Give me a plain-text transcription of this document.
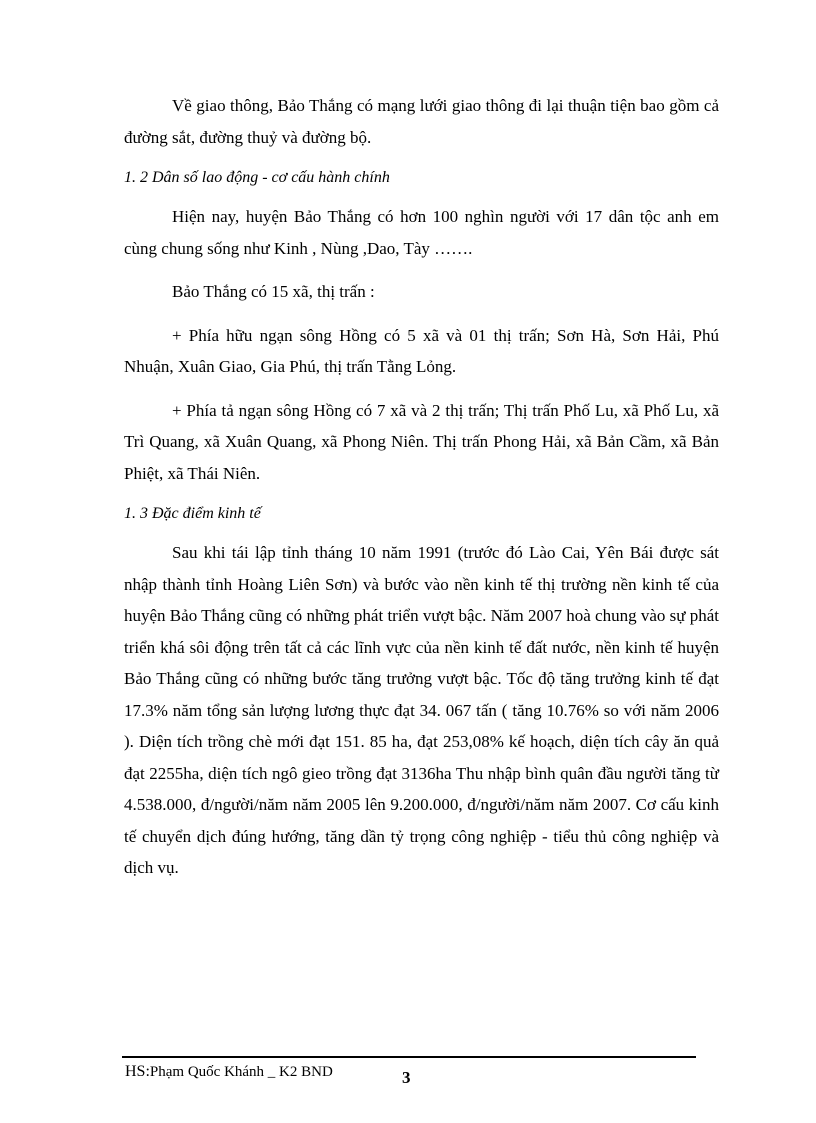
Về giao thông, Bảo Thắng có mạng lưới giao thông đi lại thuận tiện bao gồm cả đường sắt, đường thuỷ và đường bộ.

1. 2 Dân số lao động - cơ cấu hành chính

Hiện nay, huyện Bảo Thắng có hơn 100 nghìn người với 17 dân tộc anh em cùng chung sống như Kinh , Nùng ,Dao, Tày …….

Bảo Thắng có 15 xã, thị trấn :

+ Phía hữu ngạn sông Hồng có 5 xã và 01 thị trấn; Sơn Hà, Sơn Hải, Phú Nhuận, Xuân Giao, Gia Phú, thị trấn Tằng Lỏng.

+ Phía tả ngạn sông Hồng có 7 xã và 2 thị trấn; Thị trấn Phố Lu, xã Phố Lu, xã Trì Quang, xã Xuân Quang, xã Phong Niên. Thị trấn Phong Hải, xã Bản Cầm, xã Bản Phiệt, xã Thái Niên.

1. 3 Đặc điểm kinh tế

Sau khi tái lập tỉnh tháng 10 năm 1991 (trước đó Lào Cai, Yên Bái được sát nhập thành tỉnh Hoàng Liên Sơn) và bước vào nền kinh tế thị trường nền kinh tế của huyện Bảo Thắng cũng có những phát triển vượt bậc. Năm 2007 hoà chung vào sự phát triển khá sôi động trên tất cả các lĩnh vực của nền kinh tế đất nước, nền kinh tế huyện Bảo Thắng cũng có những bước tăng trưởng vượt bậc. Tốc độ tăng trưởng kinh tế đạt 17.3% năm tổng sản lượng lương thực đạt 34. 067 tấn ( tăng 10.76% so với năm 2006 ). Diện tích trồng chè mới đạt 151. 85 ha, đạt 253,08% kế hoạch, diện tích cây ăn quả đạt 2255ha, diện tích ngô gieo trồng đạt 3136ha Thu nhập bình quân đầu người tăng từ 4.538.000, đ/người/năm năm 2005 lên 9.200.000, đ/người/năm năm 2007. Cơ cấu kinh tế chuyển dịch đúng hướng, tăng dần tỷ trọng công nghiệp - tiểu thủ công nghiệp và dịch vụ.

HS:Phạm Quốc Khánh _ K2 BND	3
